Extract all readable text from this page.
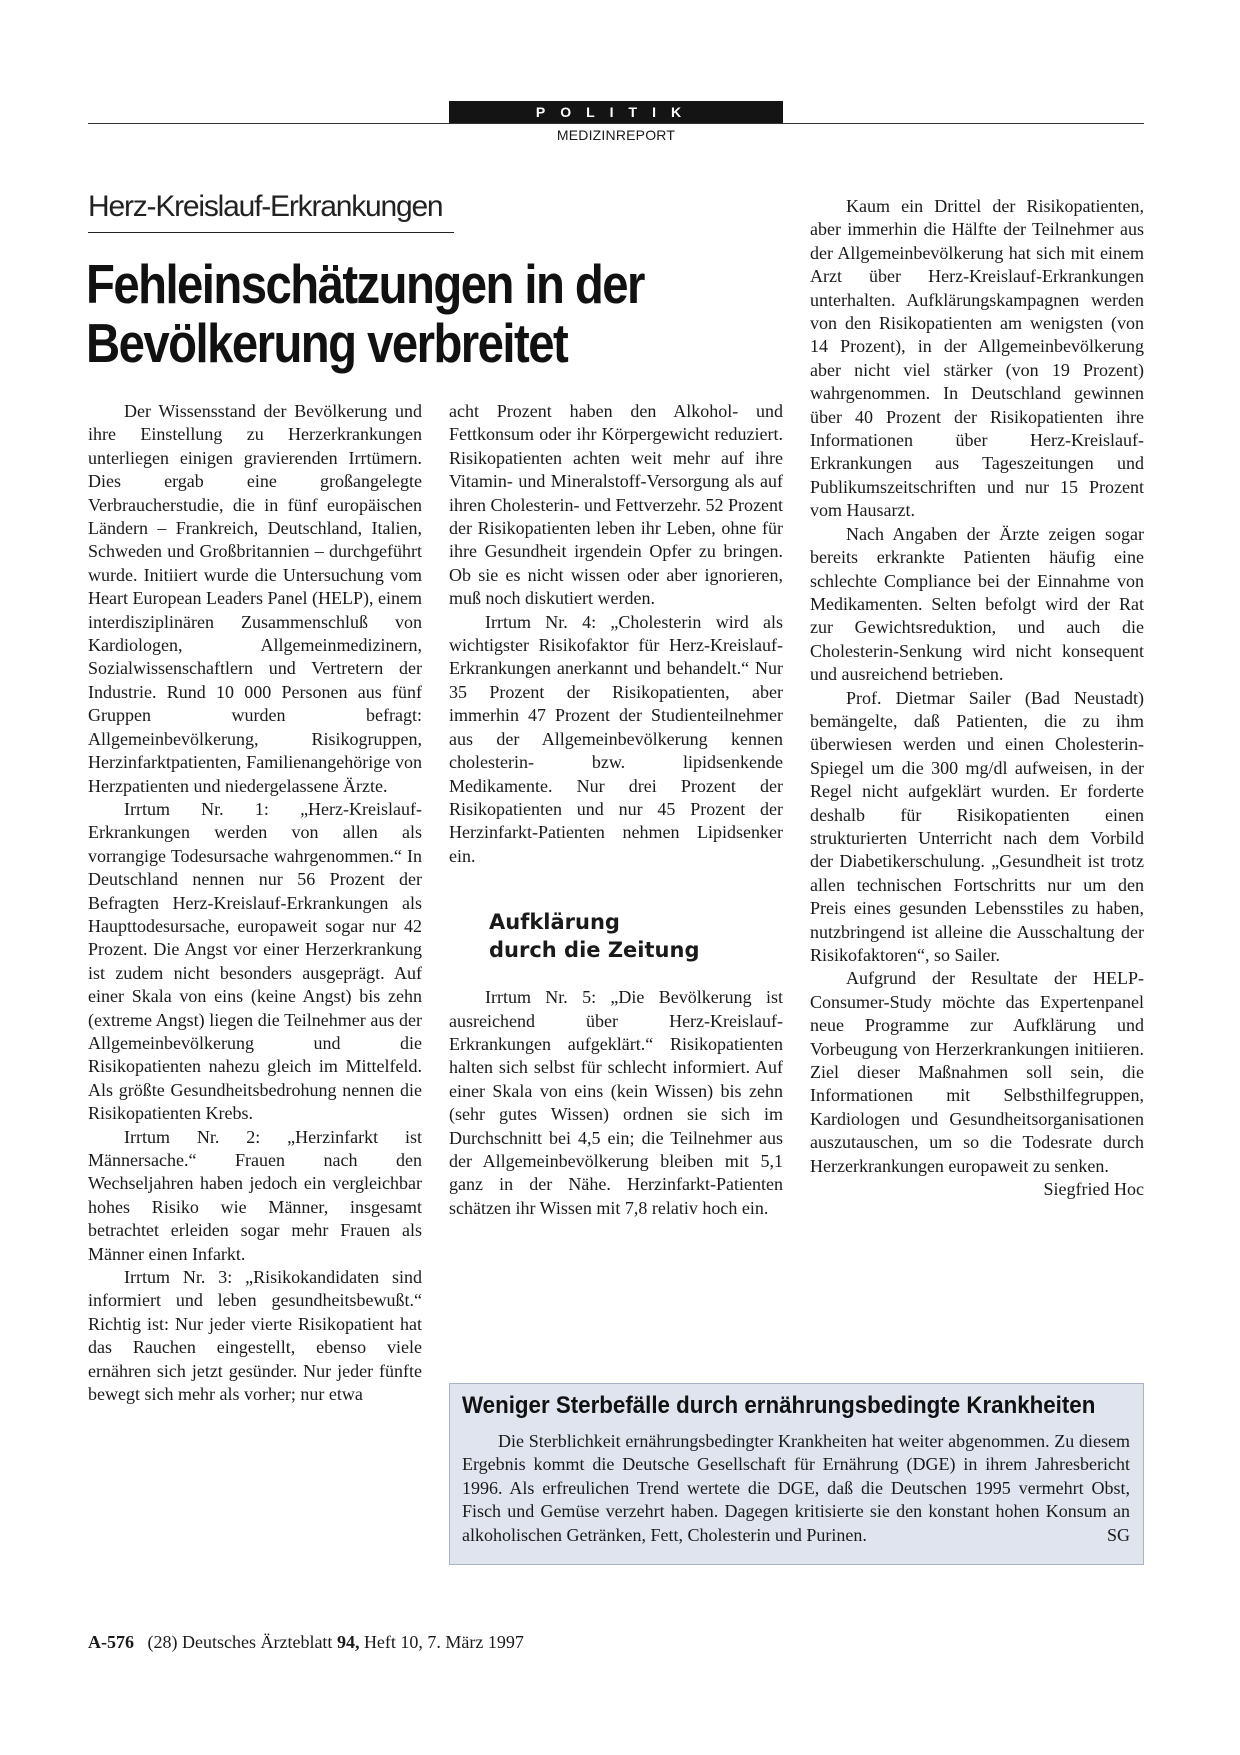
POLITIK
MEDIZINREPORT
Herz-Kreislauf-Erkrankungen
Fehleinschätzungen in der
Bevölkerung verbreitet

Der Wissensstand der Bevölkerung und ihre Einstellung zu Herzerkrankungen unterliegen einigen gravierenden Irrtümern. Dies ergab eine großangelegte Verbraucherstudie, die in fünf europäischen Ländern – Frankreich, Deutschland, Italien, Schweden und Großbritannien – durchgeführt wurde. Initiiert wurde die Untersuchung vom Heart European Leaders Panel (HELP), einem interdisziplinären Zusammenschluß von Kardiologen, Allgemeinmedizinern, Sozialwissenschaftlern und Vertretern der Industrie. Rund 10 000 Personen aus fünf Gruppen wurden befragt: Allgemeinbevölkerung, Risikogruppen, Herzinfarktpatienten, Familienangehörige von Herzpatienten und niedergelassene Ärzte.

Irrtum Nr. 1: „Herz-Kreislauf-Erkrankungen werden von allen als vorrangige Todesursache wahrgenommen.“ In Deutschland nennen nur 56 Prozent der Befragten Herz-Kreislauf-Erkrankungen als Haupttodesursache, europaweit sogar nur 42 Prozent. Die Angst vor einer Herzerkrankung ist zudem nicht besonders ausgeprägt. Auf einer Skala von eins (keine Angst) bis zehn (extreme Angst) liegen die Teilnehmer aus der Allgemeinbevölkerung und die Risikopatienten nahezu gleich im Mittelfeld. Als größte Gesundheitsbedrohung nennen die Risikopatienten Krebs.

Irrtum Nr. 2: „Herzinfarkt ist Männersache.“ Frauen nach den Wechseljahren haben jedoch ein vergleichbar hohes Risiko wie Männer, insgesamt betrachtet erleiden sogar mehr Frauen als Männer einen Infarkt.

Irrtum Nr. 3: „Risikokandidaten sind informiert und leben gesundheitsbewußt.“ Richtig ist: Nur jeder vierte Risikopatient hat das Rauchen eingestellt, ebenso viele ernähren sich jetzt gesünder. Nur jeder fünfte bewegt sich mehr als vorher; nur etwa

acht Prozent haben den Alkohol- und Fettkonsum oder ihr Körpergewicht reduziert. Risikopatienten achten weit mehr auf ihre Vitamin- und Mineralstoff-Versorgung als auf ihren Cholesterin- und Fettverzehr. 52 Prozent der Risikopatienten leben ihr Leben, ohne für ihre Gesundheit irgendein Opfer zu bringen. Ob sie es nicht wissen oder aber ignorieren, muß noch diskutiert werden.

Irrtum Nr. 4: „Cholesterin wird als wichtigster Risikofaktor für Herz-Kreislauf-Erkrankungen anerkannt und behandelt.“ Nur 35 Prozent der Risikopatienten, aber immerhin 47 Prozent der Studienteilnehmer aus der Allgemeinbevölkerung kennen cholesterin- bzw. lipidsenkende Medikamente. Nur drei Prozent der Risikopatienten und nur 45 Prozent der Herzinfarkt-Patienten nehmen Lipidsenker ein.

Aufklärung
durch die Zeitung

Irrtum Nr. 5: „Die Bevölkerung ist ausreichend über Herz-Kreislauf-Erkrankungen aufgeklärt.“ Risikopatienten halten sich selbst für schlecht informiert. Auf einer Skala von eins (kein Wissen) bis zehn (sehr gutes Wissen) ordnen sie sich im Durchschnitt bei 4,5 ein; die Teilnehmer aus der Allgemeinbevölkerung bleiben mit 5,1 ganz in der Nähe. Herzinfarkt-Patienten schätzen ihr Wissen mit 7,8 relativ hoch ein.

Kaum ein Drittel der Risikopatienten, aber immerhin die Hälfte der Teilnehmer aus der Allgemeinbevölkerung hat sich mit einem Arzt über Herz-Kreislauf-Erkrankungen unterhalten. Aufklärungskampagnen werden von den Risikopatienten am wenigsten (von 14 Prozent), in der Allgemeinbevölkerung aber nicht viel stärker (von 19 Prozent) wahrgenommen. In Deutschland gewinnen über 40 Prozent der Risikopatienten ihre Informationen über Herz-Kreislauf-Erkrankungen aus Tageszeitungen und Publikumszeitschriften und nur 15 Prozent vom Hausarzt.

Nach Angaben der Ärzte zeigen sogar bereits erkrankte Patienten häufig eine schlechte Compliance bei der Einnahme von Medikamenten. Selten befolgt wird der Rat zur Gewichtsreduktion, und auch die Cholesterin-Senkung wird nicht konsequent und ausreichend betrieben.

Prof. Dietmar Sailer (Bad Neustadt) bemängelte, daß Patienten, die zu ihm überwiesen werden und einen Cholesterin-Spiegel um die 300 mg/dl aufweisen, in der Regel nicht aufgeklärt wurden. Er forderte deshalb für Risikopatienten einen strukturierten Unterricht nach dem Vorbild der Diabetikerschulung. „Gesundheit ist trotz allen technischen Fortschritts nur um den Preis eines gesunden Lebensstiles zu haben, nutzbringend ist alleine die Ausschaltung der Risikofaktoren“, so Sailer.

Aufgrund der Resultate der HELP-Consumer-Study möchte das Expertenpanel neue Programme zur Aufklärung und Vorbeugung von Herzerkrankungen initiieren. Ziel dieser Maßnahmen soll sein, die Informationen mit Selbsthilfegruppen, Kardiologen und Gesundheitsorganisationen auszutauschen, um so die Todesrate durch Herzerkrankungen europaweit zu senken.
Siegfried Hoc

Weniger Sterbefälle durch ernährungsbedingte Krankheiten

Die Sterblichkeit ernährungsbedingter Krankheiten hat weiter abgenommen. Zu diesem Ergebnis kommt die Deutsche Gesellschaft für Ernährung (DGE) in ihrem Jahresbericht 1996. Als erfreulichen Trend wertete die DGE, daß die Deutschen 1995 vermehrt Obst, Fisch und Gemüse verzehrt haben. Dagegen kritisierte sie den konstant hohen Konsum an alkoholischen Getränken, Fett, Cholesterin und Purinen.	SG

A-576 (28) Deutsches Ärzteblatt 94, Heft 10, 7. März 1997
